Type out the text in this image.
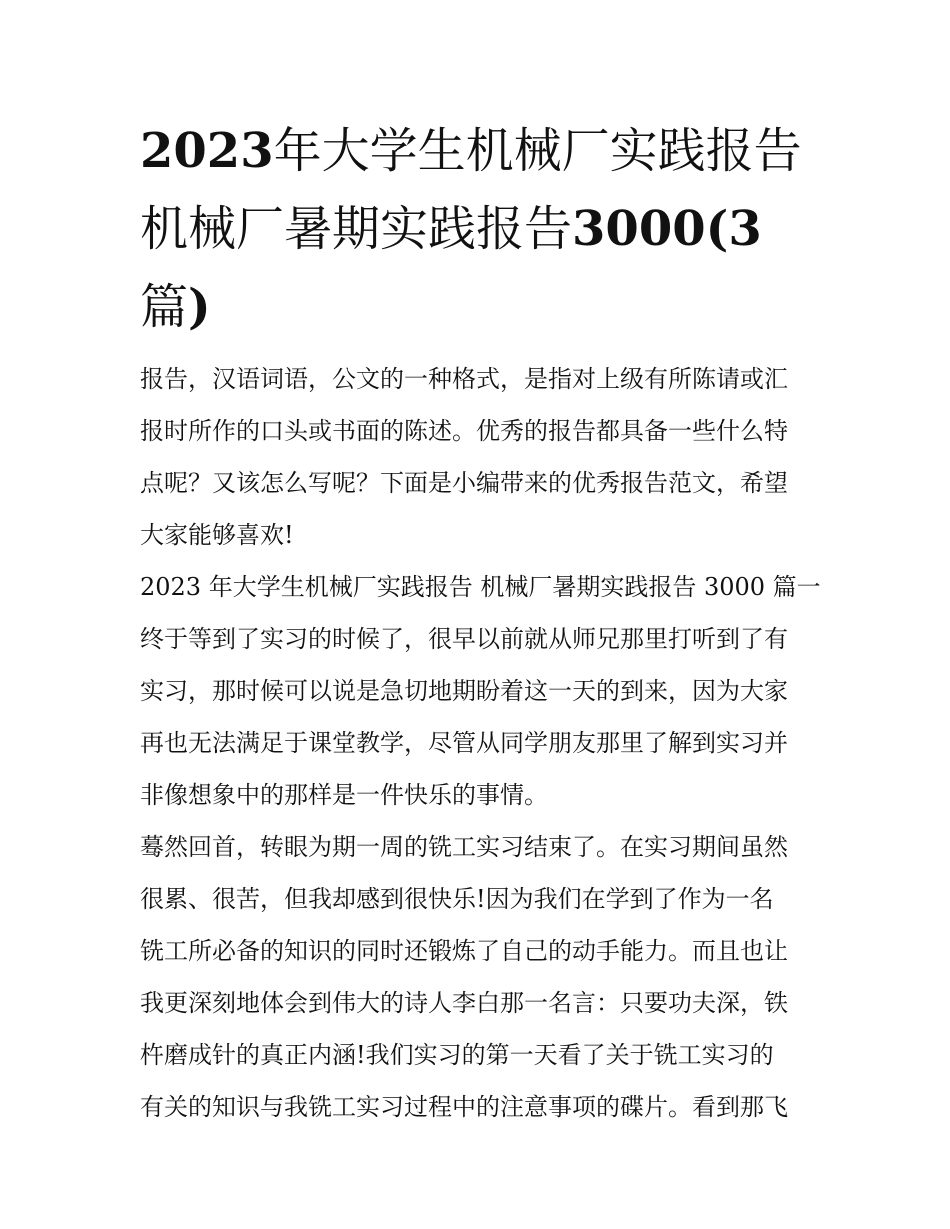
2023年大学生机械厂实践报告
机械厂暑期实践报告3000(3
篇)
报告，汉语词语，公文的一种格式，是指对上级有所陈请或汇
报时所作的口头或书面的陈述。优秀的报告都具备一些什么特
点呢？又该怎么写呢？下面是小编带来的优秀报告范文，希望
大家能够喜欢!
2023 年大学生机械厂实践报告 机械厂暑期实践报告 3000 篇一
终于等到了实习的时候了，很早以前就从师兄那里打听到了有
实习，那时候可以说是急切地期盼着这一天的到来，因为大家
再也无法满足于课堂教学，尽管从同学朋友那里了解到实习并
非像想象中的那样是一件快乐的事情。
蓦然回首，转眼为期一周的铣工实习结束了。在实习期间虽然
很累、很苦，但我却感到很快乐!因为我们在学到了作为一名
铣工所必备的知识的同时还锻炼了自己的动手能力。而且也让
我更深刻地体会到伟大的诗人李白那一名言：只要功夫深，铁
杵磨成针的真正内涵!我们实习的第一天看了关于铣工实习的
有关的知识与我铣工实习过程中的注意事项的碟片。看到那飞
